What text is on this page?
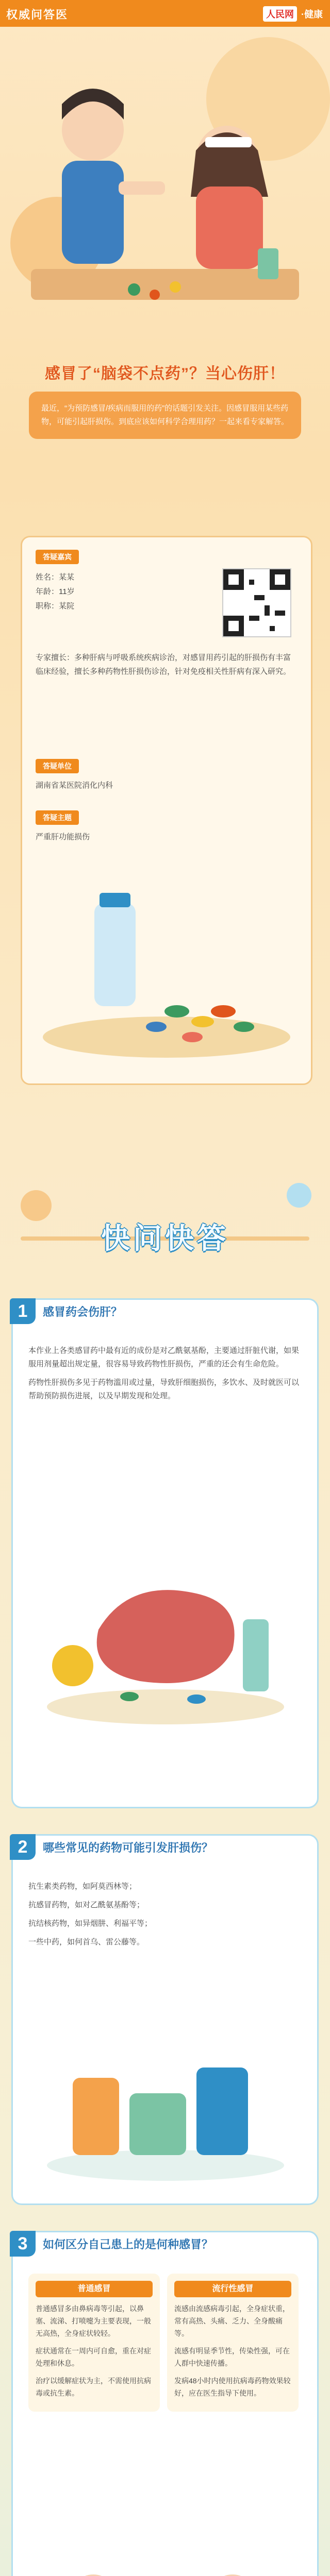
权威问答医	人民网 ·健康
感冒了“脑袋不点药”？当心伤肝！

最近，“为预防感冒/疾病而服用的药”的话题引发关注。因感冒服用某些药物，可能引起肝损伤。到底应该如何科学合理用药？一起来看专家解答。

答疑嘉宾
姓名：某某
年龄：11岁
职称：某院
专家擅长：多种肝病与呼吸系统疾病诊治，对感冒用药引起的肝损伤有丰富临床经验，擅长多种药物性肝损伤诊治，针对免疫相关性肝病有深入研究。
答疑单位
湖南省某医院消化内科
答疑主题
严重肝功能损伤
快问快答
1	感冒药会伤肝？

本作业上各类感冒药中最有近的成份是对乙酰氨基酚，主要通过肝脏代谢，如果服用剂量超出规定量，很容易导致药物性肝损伤，严重的还会有生命危险。

药物性肝损伤多见于药物滥用或过量，导致肝细胞损伤，多饮水、及时就医可以帮助预防损伤进展，以及早期发现和处理。

2	哪些常见的药物可能引发肝损伤？

抗生素类药物，如阿莫西林等；

抗感冒药物，如对乙酰氨基酚等；

抗结核药物，如异烟肼、利福平等；

一些中药，如何首乌、雷公藤等。

3	如何区分自己患上的是何种感冒？
普通感冒

普通感冒多由鼻病毒等引起，以鼻塞、流涕、打喷嚏为主要表现，一般无高热，全身症状较轻。

症状通常在一周内可自愈，重在对症处理和休息。

治疗以缓解症状为主，不需使用抗病毒或抗生素。

流行性感冒

流感由流感病毒引起，全身症状重，常有高热、头痛、乏力、全身酸痛等。

流感有明显季节性，传染性强，可在人群中快速传播。

发病48小时内使用抗病毒药物效果较好，应在医生指导下使用。
